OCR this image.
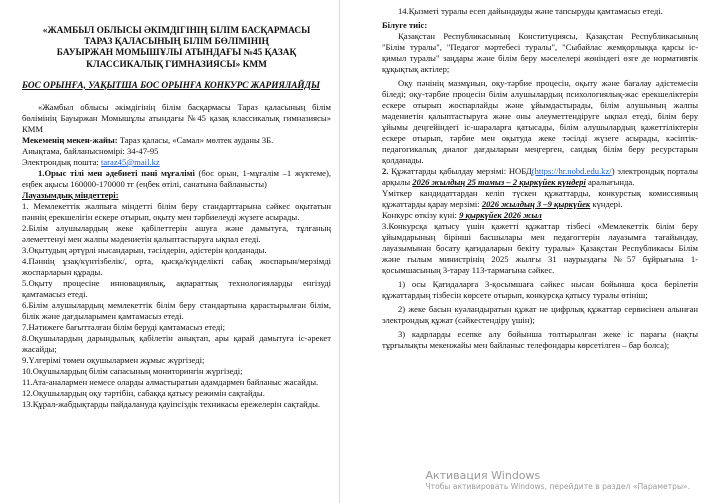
«ЖАМБЫЛ ОБЛЫСЫ ӘКІМДІГІНІҢ БІЛІМ БАСҚАРМАСЫ
ТАРАЗ ҚАЛАСЫНЫҢ БІЛІМ БӨЛІМІНІҢ
БАУЫРЖАН МОМЫШҰЛЫ АТЫНДАҒЫ №45 ҚАЗАҚ
КЛАССИКАЛЫҚ ГИМНАЗИЯСЫ» КММ
БОС ОРЫНҒА, УАҚЫТША БОС ОРЫНҒА КОНКУРС ЖАРИЯЛАЙДЫ

«Жамбыл облысы әкімдігінің білім басқармасы Тараз қаласының білім бөлімінің Бауыржан Момышұлы атындағы №45 қазақ классикалық гимназиясы» КММ

Мекеменің мекен-жайы: Тараз қаласы, «Самал» мөлтек ауданы 3Б.

Анықтама, байланыснөмірі: 34-47-95

Электрондық пошта: taraz45@mail.kz

1.Орыс тілі мен әдебиеті пәні мұғалімі (бос орын, 1-мұғалім –1 жүктеме), еңбек ақысы 160000-170000 тг (еңбек өтілі, санатына байланысты)

Лауазымдық міндеттері:

1. Мемлекеттік жалпыға міндетті білім беру стандарттарына сәйкес оқытатын пәннің ерекшелігін ескере отырып, оқыту мен тәрбиелеуді жүзеге асырады.

2.Білім алушылардың жеке қабілеттерін ашуға және дамытуға, тұлғаның әлеметтенуі мен жалпы мәдениетін қалыптастыруға ықпал етеді.

3.Оқытудың әртүрлі нысандарын, тәсілдерін, әдістерін қолданады.

4.Пәннің ұзақ/күнтізбелік/, орта, қысқа/күнделікті сабақ жоспарын/мерзімді жоспарларын құрады.

5.Оқыту процесіне инновациялық, ақпараттық технологияларды енгізуді қамтамасыз етеді.

6.Білім алушылардың мемлекеттік білім беру стандартына қарастырылған білім, білік және дағдыларымен қамтамасыз етеді.

7.Нәтижеге бағытталған білім беруді қамтамасыз етеді;

8.Оқушылардың дарындылық қабілетін анықтап, ары қарай дамытуға іс-әрекет жасайды;

9.Үлгерімі төмен оқушылармен жұмыс жүргізеді;

10.Оқушылардың білім сапасының мониторингін жүргізеді;

11.Ата-аналармен немесе оларды алмастыратын адамдармен байланыс жасайды.

12.Оқушылардың оқу тәртібін, сабаққа қатысу режимін сақтайды.

13.Құрал-жабдықтарды пайдалануда қауіпсіздік техникасы ережелерін сақтайды.

14.Қызметі туралы есеп дайындауды және тапсыруды қамтамасыз етеді.

Білуге тиіс:

Қазақстан Республикасының Конституциясы, Қазақстан Республикасының "Білім туралы", "Педагог мәртебесі туралы", "Сыбайлас жемқорлыққа қарсы іс-қимыл туралы" заңдары және білім беру мәселелері жөніндегі өзге де нормативтік құқықтық актілер;

Оқу пәнінің мазмұнын, оқу-тәрбие процесін, оқыту және бағалау әдістемесін біледі; оқу-тәрбие процесін білім алушылардың психологиялық-жас ерекшеліктерін ескере отырып жоспарлайды және ұйымдастырады, білім алушының жалпы мәдениетін қалыптастыруға және оны әлеуметтендіруге ықпал етеді, білім беру ұйымы деңгейіндегі іс-шараларға қатысады, білім алушылардың қажеттіліктерін ескере отырып, тәрбие мен оқытуда жеке тәсілді жүзеге асырады, кәсіптік-педагогикалық диалог дағдыларын меңгерген, сандық білім беру ресурстарын қолданады.

2. Құжаттарды қабылдау мерзімі: НОБД(https://hr.nobd.edu.kz/) электрондық порталы арқылы 2026 жылдың 25 тамыз – 2 қыркүйек күндері аралығында.

Үміткер кандидаттардан келіп түскен құжаттарды, конкурстық комиссияның құжаттарды қарау мерзімі: 2026 жылдың 3 –9 қыркүйек күндері.

Конкурс өткізу күні: 9 қыркүйек 2026 жыл

3.Конкурсқа қатысу үшін қажетті құжаттар тізбесі «Мемлекеттік білім беру ұйымдарының бірінші басшылары мен педагогтерін лауазымға тағайындау, лауазымынан босату қағидаларын бекіту туралы» Қазақстан Республикасы Білім және ғылым министрінің 2025 жылғы 31 наурыздағы №57 бұйрығына 1-қосымшасының 3-тарау 113-тармағына сәйкес.

1) осы Қағидаларға 3-қосымшаға сәйкес нысан бойынша қоса берілетін құжаттардың тізбесін көрсете отырып, конкурсқа қатысу туралы өтініш;

2) жеке басын куәландыратын құжат не цифрлық құжаттар сервисінен алынған электрондық құжат (сәйкестендіру үшін);

3) кадрларды есепке алу бойынша толтырылған жеке іс парағы (нақты тұрғылықты мекенжайы мен байланыс телефондары көрсетілген – бар болса);

Активация Windows
Чтобы активировать Windows, перейдите в раздел «Параметры».
